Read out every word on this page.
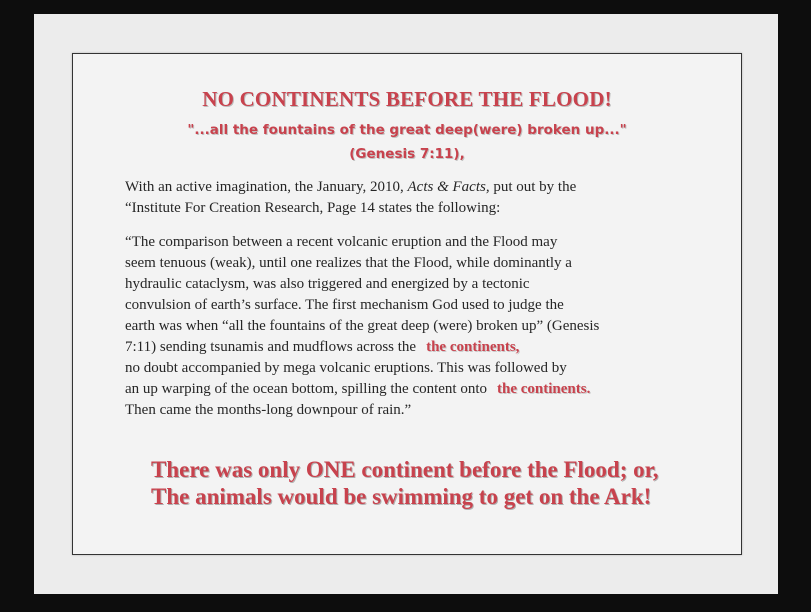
NO CONTINENTS BEFORE THE FLOOD!
"...all the fountains of the great deep(were) broken up..."
(Genesis 7:11),
With an active imagination, the January, 2010, Acts & Facts, put out by the
“Institute For Creation Research, Page 14 states the following:
“The comparison between a recent volcanic eruption and the Flood may
seem tenuous (weak), until one realizes that the Flood, while dominantly a
hydraulic cataclysm, was also triggered and energized by a tectonic
convulsion of earth’s surface. The first mechanism God used to judge the
earth was when “all the fountains of the great deep (were) broken up” (Genesis
7:11) sending tsunamis and mudflows across the the continents,
no doubt accompanied by mega volcanic eruptions. This was followed by
an up warping of the ocean bottom, spilling the content onto the continents.
Then came the months-long downpour of rain.”
There was only ONE continent before the Flood; or,
The animals would be swimming to get on the Ark!
